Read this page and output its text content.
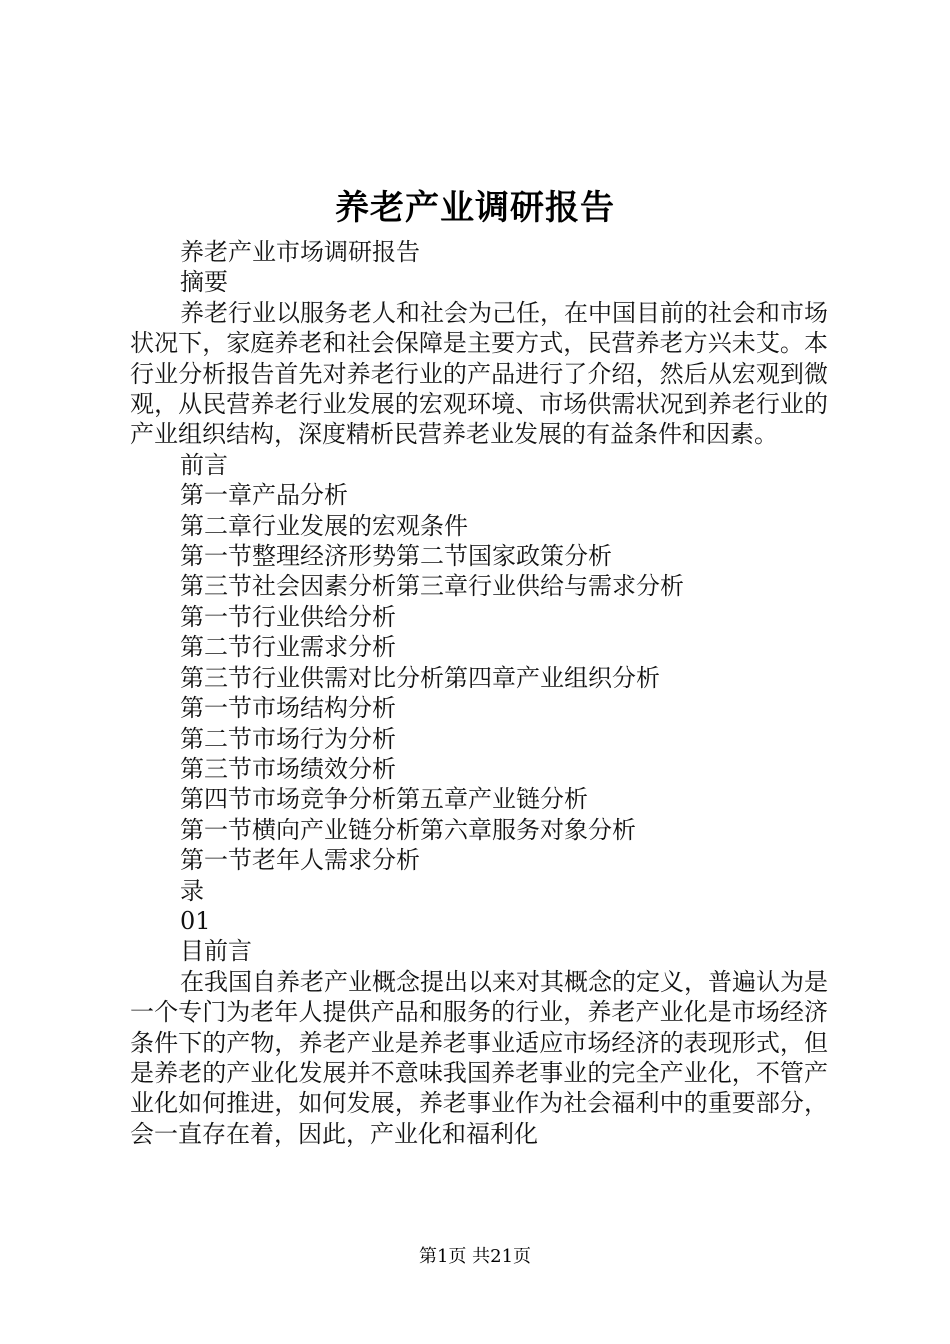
养老产业调研报告

养老产业市场调研报告

摘要

养老行业以服务老人和社会为己任，在中国目前的社会和市场状况下，家庭养老和社会保障是主要方式，民营养老方兴未艾。本行业分析报告首先对养老行业的产品进行了介绍，然后从宏观到微观，从民营养老行业发展的宏观环境、市场供需状况到养老行业的产业组织结构，深度精析民营养老业发展的有益条件和因素。

前言

第一章产品分析

第二章行业发展的宏观条件

第一节整理经济形势第二节国家政策分析

第三节社会因素分析第三章行业供给与需求分析

第一节行业供给分析

第二节行业需求分析

第三节行业供需对比分析第四章产业组织分析

第一节市场结构分析

第二节市场行为分析

第三节市场绩效分析

第四节市场竞争分析第五章产业链分析

第一节横向产业链分析第六章服务对象分析

第一节老年人需求分析

录

01

目前言

在我国自养老产业概念提出以来对其概念的定义，普遍认为是一个专门为老年人提供产品和服务的行业，养老产业化是市场经济条件下的产物，养老产业是养老事业适应市场经济的表现形式，但是养老的产业化发展并不意味我国养老事业的完全产业化，不管产业化如何推进，如何发展，养老事业作为社会福利中的重要部分，会一直存在着，因此，产业化和福利化

第1页 共21页
